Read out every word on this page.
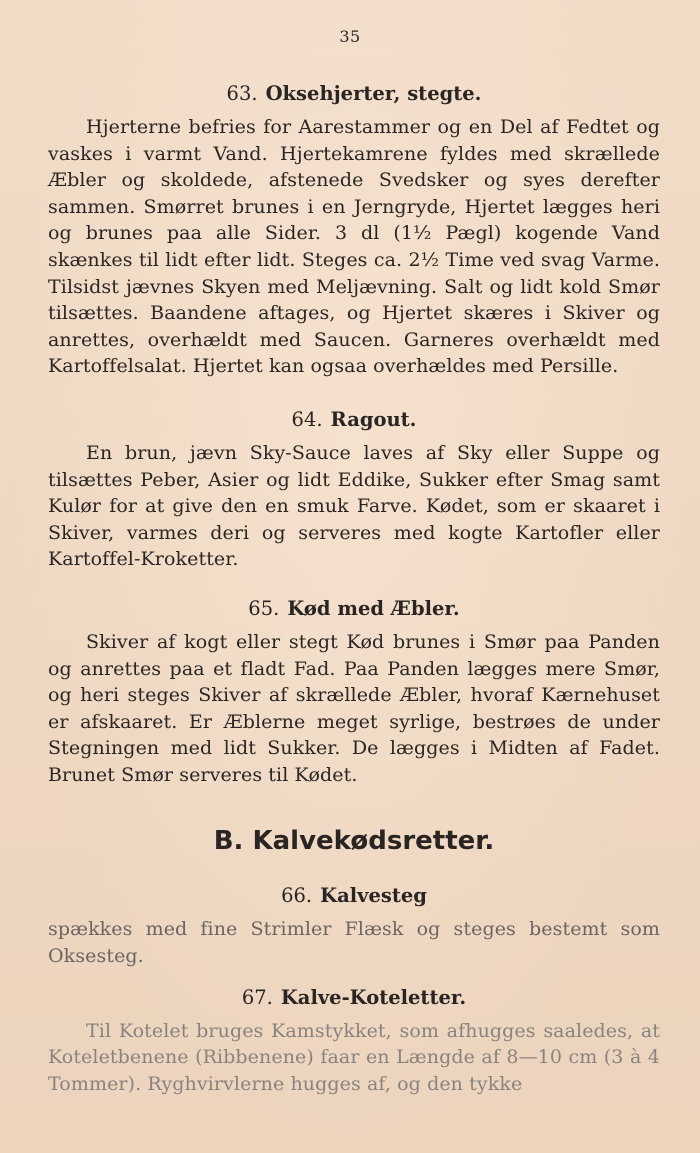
35
63. Oksehjerter, stegte.

Hjerterne befries for Aarestammer og en Del af Fedtet og vaskes i varmt Vand. Hjertekamrene fyldes med skrællede Æbler og skoldede, afstenede Svedsker og syes derefter sammen. Smørret brunes i en Jerngryde, Hjertet lægges heri og brunes paa alle Sider. 3 dl (1½ Pægl) kogende Vand skænkes til lidt efter lidt. Steges ca. 2½ Time ved svag Varme. Tilsidst jævnes Skyen med Meljævning. Salt og lidt kold Smør tilsættes. Baandene aftages, og Hjertet skæres i Skiver og anrettes, overhældt med Saucen. Garneres overhældt med Kartoffelsalat. Hjertet kan ogsaa overhældes med Persille.

64. Ragout.

En brun, jævn Sky-Sauce laves af Sky eller Suppe og tilsættes Peber, Asier og lidt Eddike, Sukker efter Smag samt Kulør for at give den en smuk Farve. Kødet, som er skaaret i Skiver, varmes deri og serveres med kogte Kartofler eller Kartoffel-Kroketter.

65. Kød med Æbler.

Skiver af kogt eller stegt Kød brunes i Smør paa Panden og anrettes paa et fladt Fad. Paa Panden lægges mere Smør, og heri steges Skiver af skrællede Æbler, hvoraf Kærnehuset er afskaaret. Er Æblerne meget syrlige, bestrøes de under Stegningen med lidt Sukker. De lægges i Midten af Fadet. Brunet Smør serveres til Kødet.

B. Kalvekødsretter.
66. Kalvesteg

spækkes med fine Strimler Flæsk og steges bestemt som Oksesteg.

67. Kalve-Koteletter.

Til Kotelet bruges Kamstykket, som afhugges saaledes, at Koteletbenene (Ribbenene) faar en Længde af 8—10 cm (3 à 4 Tommer). Ryghvirvlerne hugges af, og den tykke
